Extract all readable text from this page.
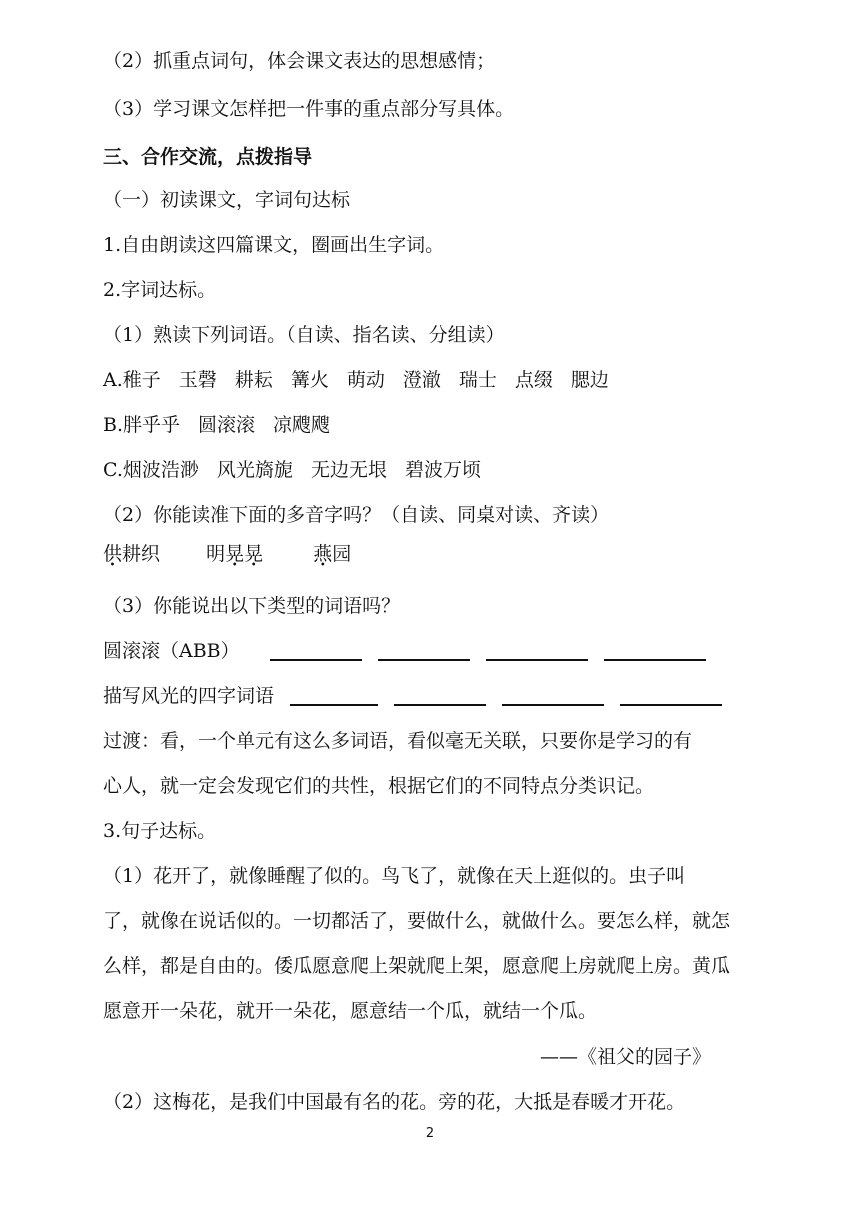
（2）抓重点词句，体会课文表达的思想感情；
（3）学习课文怎样把一件事的重点部分写具体。
三、合作交流，点拨指导
（一）初读课文，字词句达标
1.自由朗读这四篇课文，圈画出生字词。
2.字词达标。
（1）熟读下列词语。（自读、指名读、分组读）
A.稚子 玉磬 耕耘 篝火 萌动 澄澈 瑞士 点缀 腮边
B.胖乎乎 圆滚滚 凉飕飕
C.烟波浩渺 风光旖旎 无边无垠 碧波万顷
（2）你能读准下面的多音字吗？（自读、同桌对读、齐读）
供耕织 明晃晃	燕园
（3）你能说出以下类型的词语吗？
圆滚滚（ABB）
描写风光的四字词语
过渡：看，一个单元有这么多词语，看似毫无关联，只要你是学习的有
心人，就一定会发现它们的共性，根据它们的不同特点分类识记。
3.句子达标。
（1）花开了，就像睡醒了似的。鸟飞了，就像在天上逛似的。虫子叫
了，就像在说话似的。一切都活了，要做什么，就做什么。要怎么样，就怎
么样，都是自由的。倭瓜愿意爬上架就爬上架，愿意爬上房就爬上房。黄瓜
愿意开一朵花，就开一朵花，愿意结一个瓜，就结一个瓜。
——《祖父的园子》
（2）这梅花，是我们中国最有名的花。旁的花，大抵是春暖才开花。
2
